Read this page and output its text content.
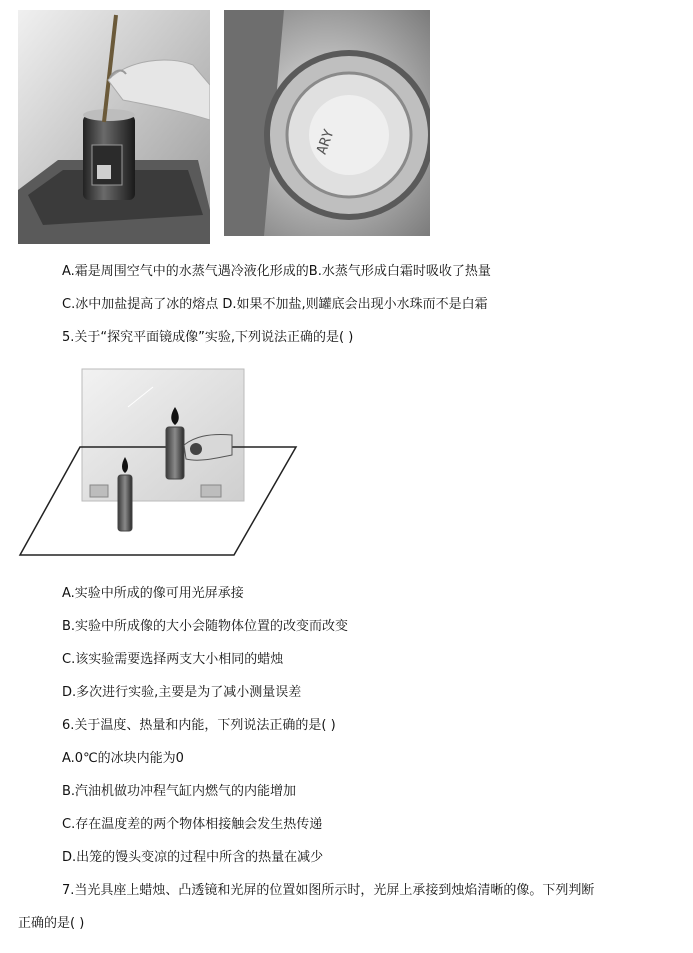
ARY
A.霜是周围空气中的水蒸气遇冷液化形成的B.水蒸气形成白霜时吸收了热量
C.冰中加盐提高了冰的熔点 D.如果不加盐,则罐底会出现小水珠而不是白霜
5.关于“探究平面镜成像”实验,下列说法正确的是( )
A.实验中所成的像可用光屏承接
B.实验中所成像的大小会随物体位置的改变而改变
C.该实验需要选择两支大小相同的蜡烛
D.多次进行实验,主要是为了减小测量误差
6.关于温度、热量和内能，下列说法正确的是( )
A.0℃的冰块内能为0
B.汽油机做功冲程气缸内燃气的内能增加
C.存在温度差的两个物体相接触会发生热传递
D.出笼的馒头变凉的过程中所含的热量在减少
7.当光具座上蜡烛、凸透镜和光屏的位置如图所示时，光屏上承接到烛焰清晰的像。下列判断
正确的是( )
